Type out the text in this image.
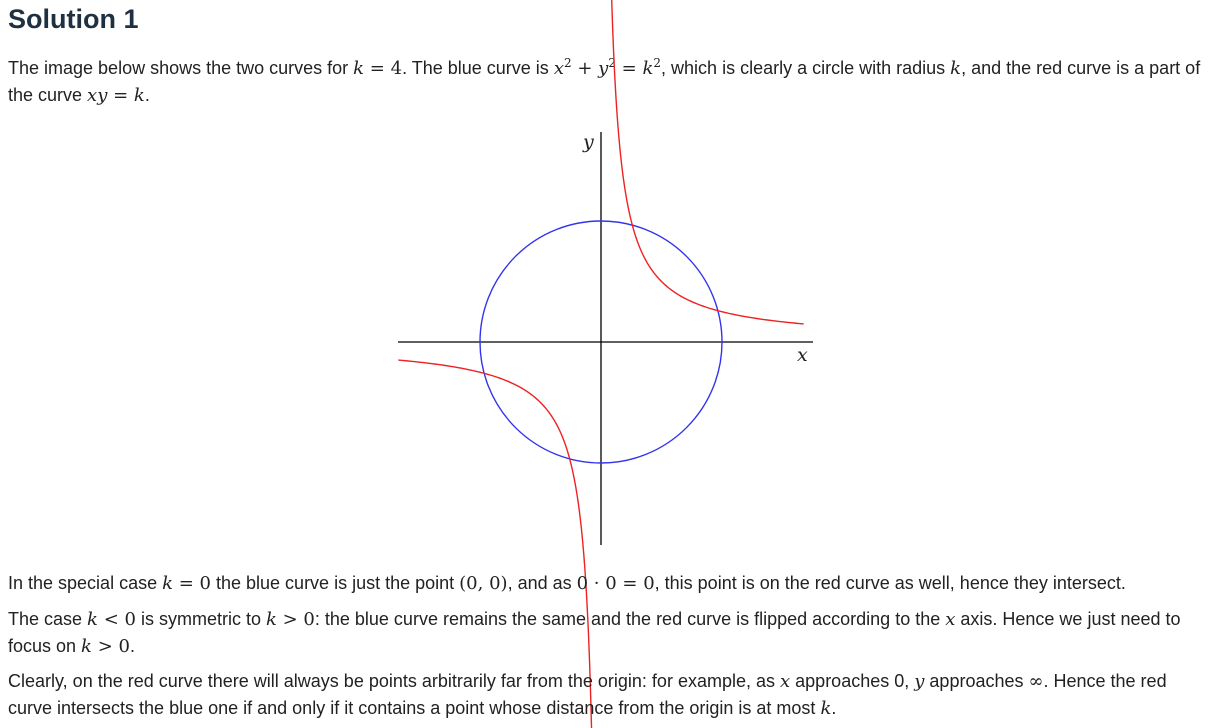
Solution 1

The image below shows the two curves for k = 4. The blue curve is $x^2 + y^2 = k^2$, which is clearly a circle with radius k, and the red curve is a part of the curve xy = k.

y
x

In the special case k = 0 the blue curve is just the point (0, 0), and as 0 · 0 = 0, this point is on the red curve as well, hence they intersect.

The case k < 0 is symmetric to k > 0: the blue curve remains the same and the red curve is flipped according to the x axis. Hence we just need to focus on k > 0.

Clearly, on the red curve there will always be points arbitrarily far from the origin: for example, as x approaches 0, y approaches ∞. Hence the red curve intersects the blue one if and only if it contains a point whose distance from the origin is at most k.
